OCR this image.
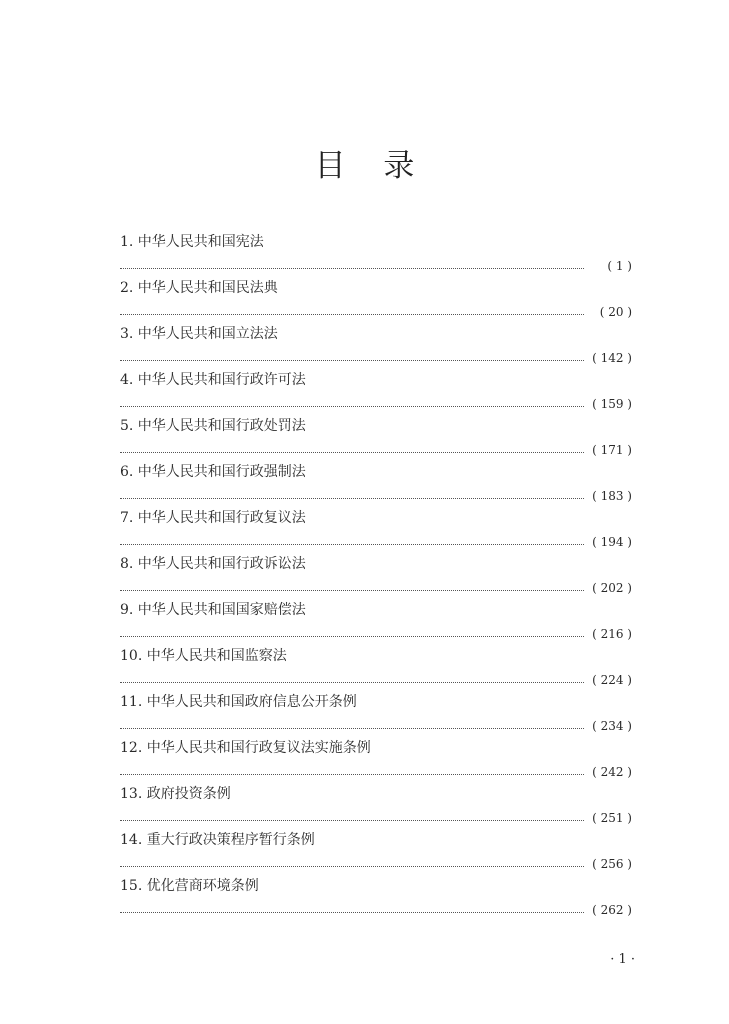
目 录
1. 中华人民共和国宪法
( 1 )
2. 中华人民共和国民法典
( 20 )
3. 中华人民共和国立法法
( 142 )
4. 中华人民共和国行政许可法
( 159 )
5. 中华人民共和国行政处罚法
( 171 )
6. 中华人民共和国行政强制法
( 183 )
7. 中华人民共和国行政复议法
( 194 )
8. 中华人民共和国行政诉讼法
( 202 )
9. 中华人民共和国国家赔偿法
( 216 )
10. 中华人民共和国监察法
( 224 )
11. 中华人民共和国政府信息公开条例
( 234 )
12. 中华人民共和国行政复议法实施条例
( 242 )
13. 政府投资条例
( 251 )
14. 重大行政决策程序暂行条例
( 256 )
15. 优化营商环境条例
( 262 )
· 1 ·
